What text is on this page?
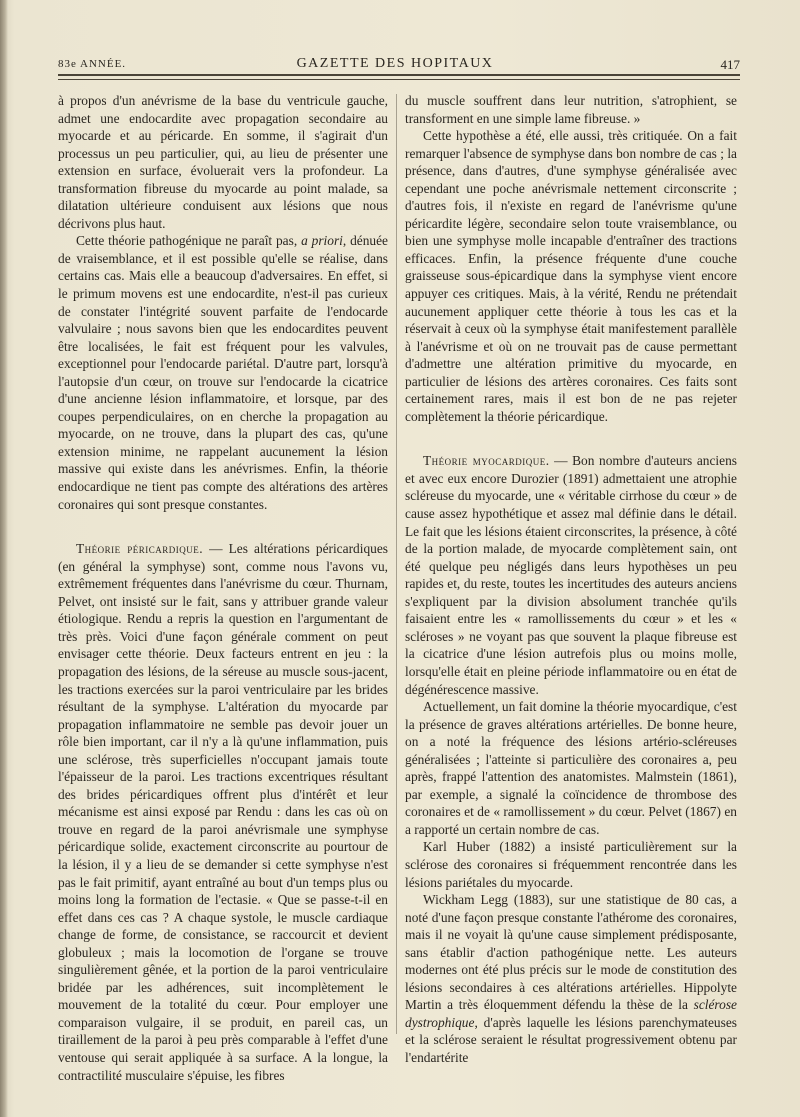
83e ANNÉE.	GAZETTE DES HOPITAUX	417

à propos d'un anévrisme de la base du ventricule gauche, admet une endocardite avec propagation secondaire au myocarde et au péricarde. En somme, il s'agirait d'un processus un peu particulier, qui, au lieu de présenter une extension en surface, évoluerait vers la profondeur. La transformation fibreuse du myocarde au point malade, sa dilatation ultérieure conduisent aux lésions que nous décrivons plus haut.

Cette théorie pathogénique ne paraît pas, a priori, dénuée de vraisemblance, et il est possible qu'elle se réalise, dans certains cas. Mais elle a beaucoup d'adversaires. En effet, si le primum movens est une endocardite, n'est-il pas curieux de constater l'intégrité souvent parfaite de l'endocarde valvulaire ; nous savons bien que les endocardites peuvent être localisées, le fait est fréquent pour les valvules, exceptionnel pour l'endocarde pariétal. D'autre part, lorsqu'à l'autopsie d'un cœur, on trouve sur l'endocarde la cicatrice d'une ancienne lésion inflammatoire, et lorsque, par des coupes perpendiculaires, on en cherche la propagation au myocarde, on ne trouve, dans la plupart des cas, qu'une extension minime, ne rappelant aucunement la lésion massive qui existe dans les anévrismes. Enfin, la théorie endocardique ne tient pas compte des altérations des artères coronaires qui sont presque constantes.

Théorie péricardique. — Les altérations péricardiques (en général la symphyse) sont, comme nous l'avons vu, extrêmement fréquentes dans l'anévrisme du cœur. Thurnam, Pelvet, ont insisté sur le fait, sans y attribuer grande valeur étiologique. Rendu a repris la question en l'argumentant de très près. Voici d'une façon générale comment on peut envisager cette théorie. Deux facteurs entrent en jeu : la propagation des lésions, de la séreuse au muscle sous-jacent, les tractions exercées sur la paroi ventriculaire par les brides résultant de la symphyse. L'altération du myocarde par propagation inflammatoire ne semble pas devoir jouer un rôle bien important, car il n'y a là qu'une inflammation, puis une sclérose, très superficielles n'occupant jamais toute l'épaisseur de la paroi. Les tractions excentriques résultant des brides péricardiques offrent plus d'intérêt et leur mécanisme est ainsi exposé par Rendu : dans les cas où on trouve en regard de la paroi anévrismale une symphyse péricardique solide, exactement circonscrite au pourtour de la lésion, il y a lieu de se demander si cette symphyse n'est pas le fait primitif, ayant entraîné au bout d'un temps plus ou moins long la formation de l'ectasie. « Que se passe-t-il en effet dans ces cas ? A chaque systole, le muscle cardiaque change de forme, de consistance, se raccourcit et devient globuleux ; mais la locomotion de l'organe se trouve singulièrement gênée, et la portion de la paroi ventriculaire bridée par les adhérences, suit incomplètement le mouvement de la totalité du cœur. Pour employer une comparaison vulgaire, il se produit, en pareil cas, un tiraillement de la paroi à peu près comparable à l'effet d'une ventouse qui serait appliquée à sa surface. A la longue, la contractilité musculaire s'épuise, les fibres

du muscle souffrent dans leur nutrition, s'atrophient, se transforment en une simple lame fibreuse. »

Cette hypothèse a été, elle aussi, très critiquée. On a fait remarquer l'absence de symphyse dans bon nombre de cas ; la présence, dans d'autres, d'une symphyse généralisée avec cependant une poche anévrismale nettement circonscrite ; d'autres fois, il n'existe en regard de l'anévrisme qu'une péricardite légère, secondaire selon toute vraisemblance, ou bien une symphyse molle incapable d'entraîner des tractions efficaces. Enfin, la présence fréquente d'une couche graisseuse sous-épicardique dans la symphyse vient encore appuyer ces critiques. Mais, à la vérité, Rendu ne prétendait aucunement appliquer cette théorie à tous les cas et la réservait à ceux où la symphyse était manifestement parallèle à l'anévrisme et où on ne trouvait pas de cause permettant d'admettre une altération primitive du myocarde, en particulier de lésions des artères coronaires. Ces faits sont certainement rares, mais il est bon de ne pas rejeter complètement la théorie péricardique.

Théorie myocardique. — Bon nombre d'auteurs anciens et avec eux encore Durozier (1891) admettaient une atrophie scléreuse du myocarde, une « véritable cirrhose du cœur » de cause assez hypothétique et assez mal définie dans le détail. Le fait que les lésions étaient circonscrites, la présence, à côté de la portion malade, de myocarde complètement sain, ont été quelque peu négligés dans leurs hypothèses un peu rapides et, du reste, toutes les incertitudes des auteurs anciens s'expliquent par la division absolument tranchée qu'ils faisaient entre les « ramollissements du cœur » et les « scléroses » ne voyant pas que souvent la plaque fibreuse est la cicatrice d'une lésion autrefois plus ou moins molle, lorsqu'elle était en pleine période inflammatoire ou en état de dégénérescence massive.

Actuellement, un fait domine la théorie myocardique, c'est la présence de graves altérations artérielles. De bonne heure, on a noté la fréquence des lésions artério-scléreuses généralisées ; l'atteinte si particulière des coronaires a, peu après, frappé l'attention des anatomistes. Malmstein (1861), par exemple, a signalé la coïncidence de thrombose des coronaires et de « ramollissement » du cœur. Pelvet (1867) en a rapporté un certain nombre de cas.

Karl Huber (1882) a insisté particulièrement sur la sclérose des coronaires si fréquemment rencontrée dans les lésions pariétales du myocarde.

Wickham Legg (1883), sur une statistique de 80 cas, a noté d'une façon presque constante l'athérome des coronaires, mais il ne voyait là qu'une cause simplement prédisposante, sans établir d'action pathogénique nette. Les auteurs modernes ont été plus précis sur le mode de constitution des lésions secondaires à ces altérations artérielles. Hippolyte Martin a très éloquemment défendu la thèse de la sclérose dystrophique, d'après laquelle les lésions parenchymateuses et la sclérose seraient le résultat progressivement obtenu par l'endartérite
